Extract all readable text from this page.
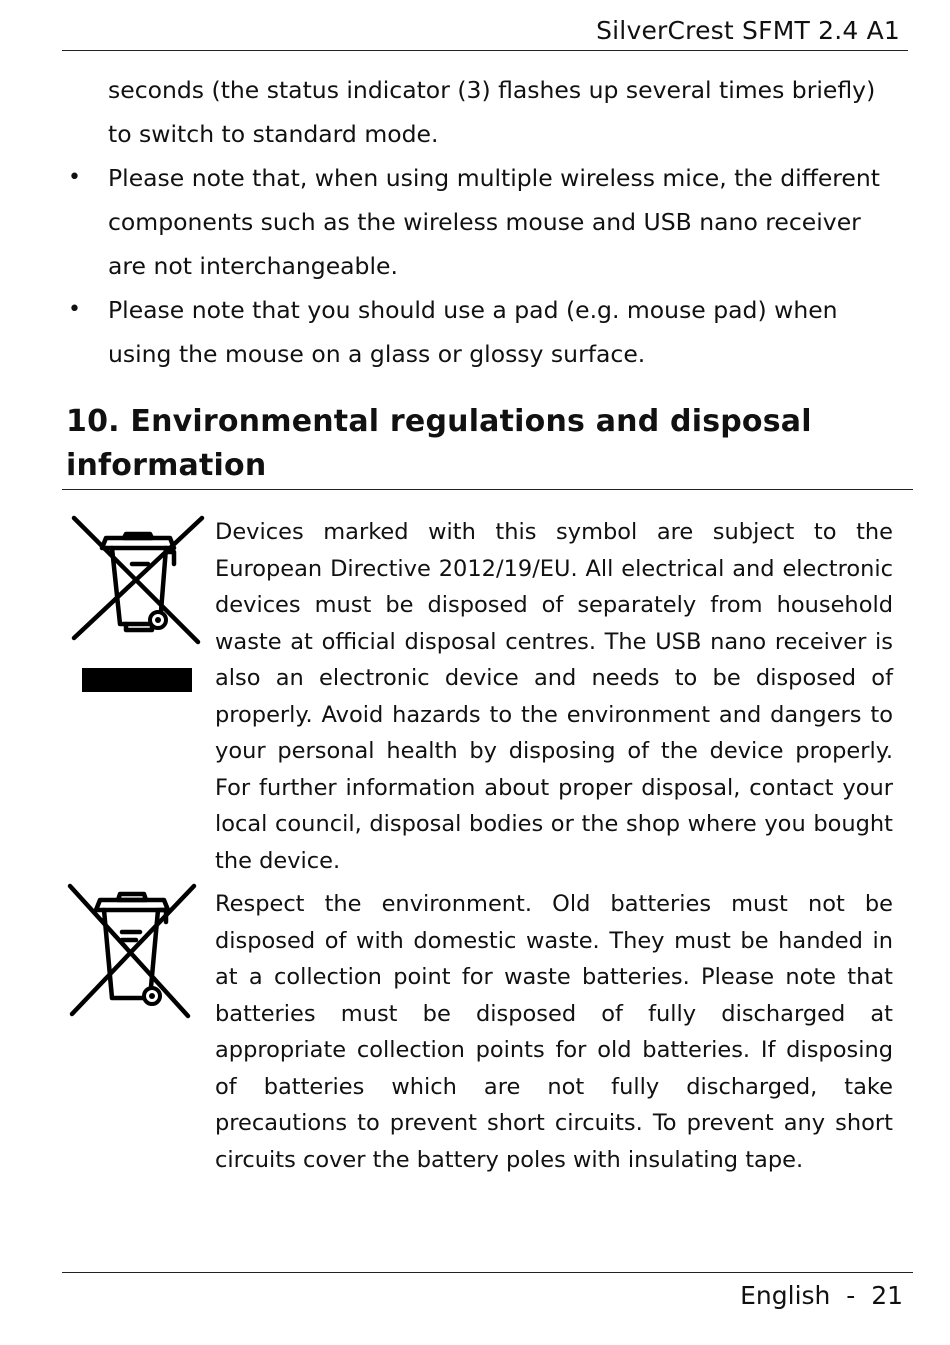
SilverCrest SFMT 2.4 A1
seconds (the status indicator (3) flashes up several times briefly) to switch to standard mode.
• Please note that, when using multiple wireless mice, the different components such as the wireless mouse and USB nano receiver are not interchangeable.
• Please note that you should use a pad (e.g. mouse pad) when using the mouse on a glass or glossy surface.
10. Environmental regulations and disposal information

Devices marked with this symbol are subject to the European Directive 2012/19/EU. All electrical and electronic devices must be disposed of separately from household waste at official disposal centres. The USB nano receiver is also an electronic device and needs to be disposed of properly. Avoid hazards to the environment and dangers to your personal health by disposing of the device properly. For further information about proper disposal, contact your local council, disposal bodies or the shop where you bought the device.

Respect the environment. Old batteries must not be disposed of with domestic waste. They must be handed in at a collection point for waste batteries. Please note that batteries must be disposed of fully discharged at appropriate collection points for old batteries. If disposing of batteries which are not fully discharged, take precautions to prevent short circuits. To prevent any short circuits cover the battery poles with insulating tape.

English  -  21
